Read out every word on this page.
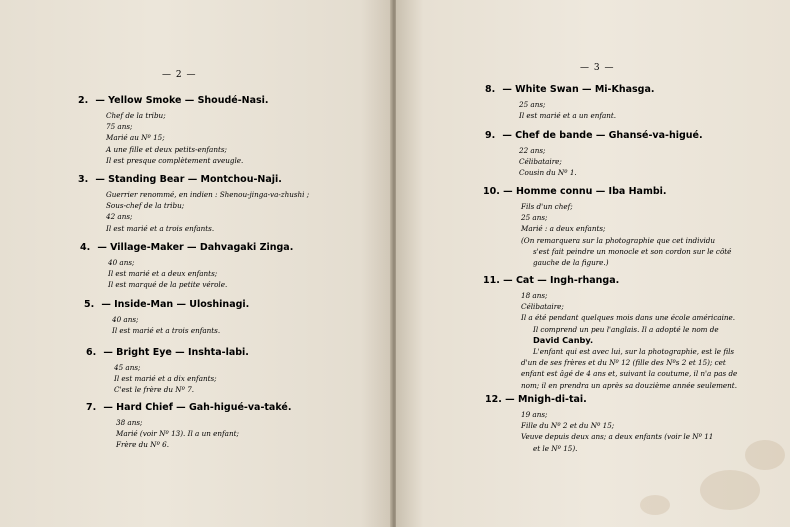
— 2 —
— 3 —
2. — Yellow Smoke — Shoudé-Nasi.
Chef de la tribu;
75 ans;
Marié au Nº 15;
A une fille et deux petits-enfants;
Il est presque complètement aveugle.
3. — Standing Bear — Montchou-Naji.
Guerrier renommé, en indien : Shenou-jinga-va-zhushi ;
Sous-chef de la tribu;
42 ans;
Il est marié et a trois enfants.
4. — Village-Maker — Dahvagaki Zinga.
40 ans;
Il est marié et a deux enfants;
Il est marqué de la petite vérole.
5. — Inside-Man — Uloshinagi.
40 ans;
Il est marié et a trois enfants.
6. — Bright Eye — Inshta-labi.
45 ans;
Il est marié et a dix enfants;
C'est le frère du Nº 7.
7. — Hard Chief — Gah-higué-va-také.
38 ans;
Marié (voir Nº 13). Il a un enfant;
Frère du Nº 6.
8. — White Swan — Mi-Khasga.
25 ans;
Il est marié et a un enfant.
9. — Chef de bande — Ghansé-va-higué.
22 ans;
Célibataire;
Cousin du Nº 1.
10. — Homme connu — Iba Hambi.
Fils d'un chef;
25 ans;
Marié : a deux enfants;
(On remarquera sur la photographie que cet individu
s'est fait peindre un monocle et son cordon sur le côté
gauche de la figure.)
11. — Cat — Ingh-rhanga.
18 ans;
Célibataire;
Il a été pendant quelques mois dans une école américaine.
Il comprend un peu l'anglais. Il a adopté le nom de
David Canby.
L'enfant qui est avec lui, sur la photographie, est le fils
d'un de ses frères et du Nº 12 (fille des Nºs 2 et 15); cet
enfant est âgé de 4 ans et, suivant la coutume, il n'a pas de
nom; il en prendra un après sa douzième année seulement.
12. — Mnigh-di-tai.
19 ans;
Fille du Nº 2 et du Nº 15;
Veuve depuis deux ans; a deux enfants (voir le Nº 11
et le Nº 15).
